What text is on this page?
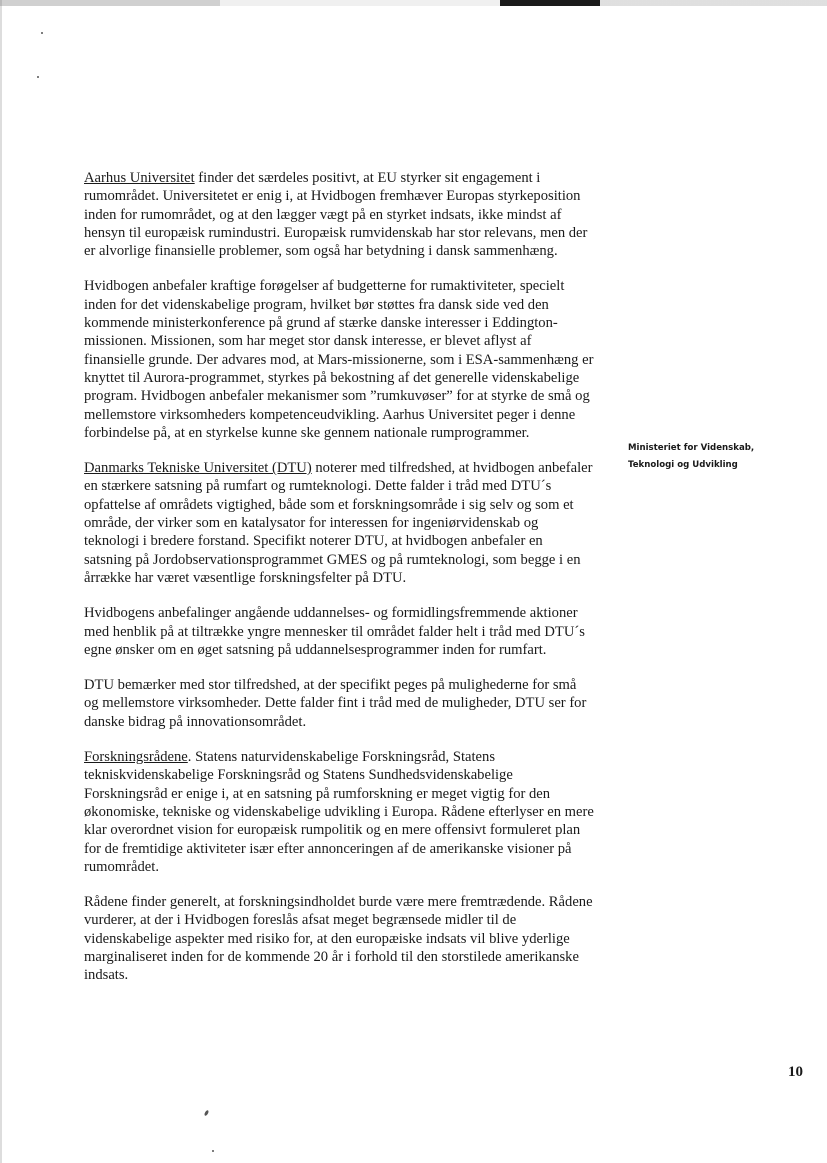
Aarhus Universitet finder det særdeles positivt, at EU styrker sit engagement i rumområdet. Universitetet er enig i, at Hvidbogen fremhæver Europas styrkeposition inden for rumområdet, og at den lægger vægt på en styrket indsats, ikke mindst af hensyn til europæisk rumindustri. Europæisk rumvidenskab har stor relevans, men der er alvorlige finansielle problemer, som også har betydning i dansk sammenhæng.

Hvidbogen anbefaler kraftige forøgelser af budgetterne for rumaktiviteter, specielt inden for det videnskabelige program, hvilket bør støttes fra dansk side ved den kommende ministerkonference på grund af stærke danske interesser i Eddington-missionen. Missionen, som har meget stor dansk interesse, er blevet aflyst af finansielle grunde. Der advares mod, at Mars-missionerne, som i ESA-sammenhæng er knyttet til Aurora-programmet, styrkes på bekostning af det generelle videnskabelige program. Hvidbogen anbefaler mekanismer som ”rumkuvøser” for at styrke de små og mellemstore virksomheders kompetenceudvikling. Aarhus Universitet peger i denne forbindelse på, at en styrkelse kunne ske gennem nationale rumprogrammer.

Danmarks Tekniske Universitet (DTU) noterer med tilfredshed, at hvidbogen anbefaler en stærkere satsning på rumfart og rumteknologi. Dette falder i tråd med DTU´s opfattelse af områdets vigtighed, både som et forskningsområde i sig selv og som et område, der virker som en katalysator for interessen for ingeniørvidenskab og teknologi i bredere forstand. Specifikt noterer DTU, at hvidbogen anbefaler en satsning på Jordobservationsprogrammet GMES og på rumteknologi, som begge i en årrække har været væsentlige forskningsfelter på DTU.

Hvidbogens anbefalinger angående uddannelses- og formidlingsfremmende aktioner med henblik på at tiltrække yngre mennesker til området falder helt i tråd med DTU´s egne ønsker om en øget satsning på uddannelsesprogrammer inden for rumfart.

DTU bemærker med stor tilfredshed, at der specifikt peges på mulighederne for små og mellemstore virksomheder. Dette falder fint i tråd med de muligheder, DTU ser for danske bidrag på innovationsområdet.

Forskningsrådene. Statens naturvidenskabelige Forskningsråd, Statens tekniskvidenskabelige Forskningsråd og Statens Sundhedsvidenskabelige Forskningsråd er enige i, at en satsning på rumforskning er meget vigtig for den økonomiske, tekniske og videnskabelige udvikling i Europa. Rådene efterlyser en mere klar overordnet vision for europæisk rumpolitik og en mere offensivt formuleret plan for de fremtidige aktiviteter især efter annonceringen af de amerikanske visioner på rumområdet.

Rådene finder generelt, at forskningsindholdet burde være mere fremtrædende. Rådene vurderer, at der i Hvidbogen foreslås afsat meget begrænsede midler til de videnskabelige aspekter med risiko for, at den europæiske indsats vil blive yderlige marginaliseret inden for de kommende 20 år i forhold til den storstilede amerikanske indsats.

Ministeriet for Videnskab,
Teknologi og Udvikling
10
